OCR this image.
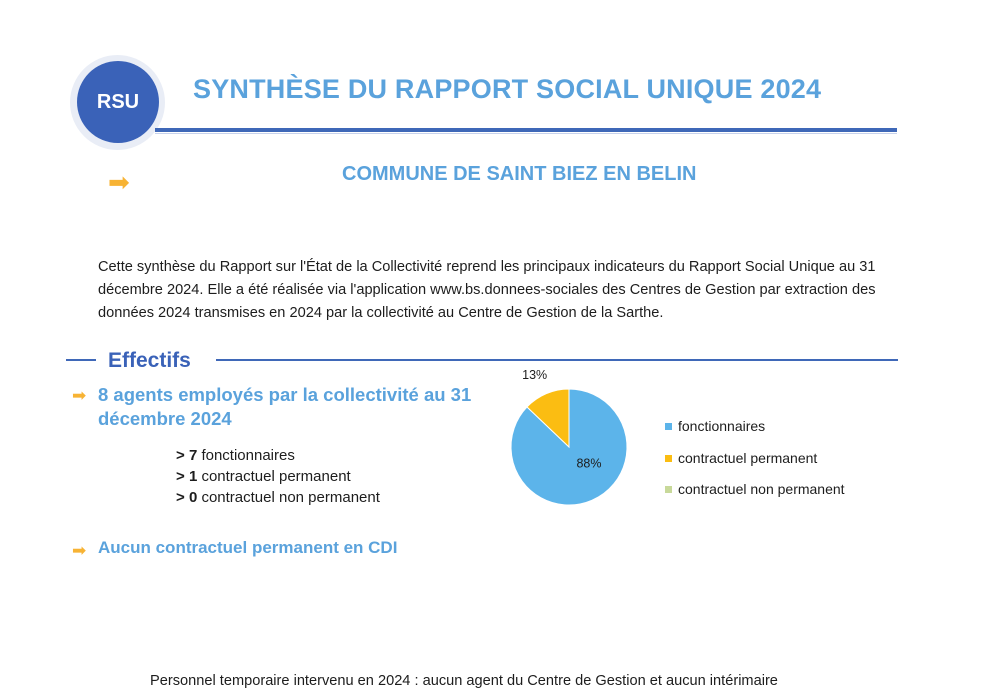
RSU SYNTHÈSE DU RAPPORT SOCIAL UNIQUE 2024
➡	COMMUNE DE SAINT BIEZ EN BELIN
Cette synthèse du Rapport sur l'État de la Collectivité reprend les principaux indicateurs du Rapport Social Unique au 31 décembre 2024. Elle a été réalisée via l'application www.bs.donnees-sociales des Centres de Gestion par extraction des données 2024 transmises en 2024 par la collectivité au Centre de Gestion de la Sarthe.
Effectifs
➡ 8 agents employés par la collectivité au 31 décembre 2024
> 7 fonctionnaires
> 1 contractuel permanent
> 0 contractuel non permanent
88%
13%
fonctionnaires
contractuel permanent
contractuel non permanent
➡ Aucun contractuel permanent en CDI
Personnel temporaire intervenu en 2024 : aucun agent du Centre de Gestion et aucun intérimaire
